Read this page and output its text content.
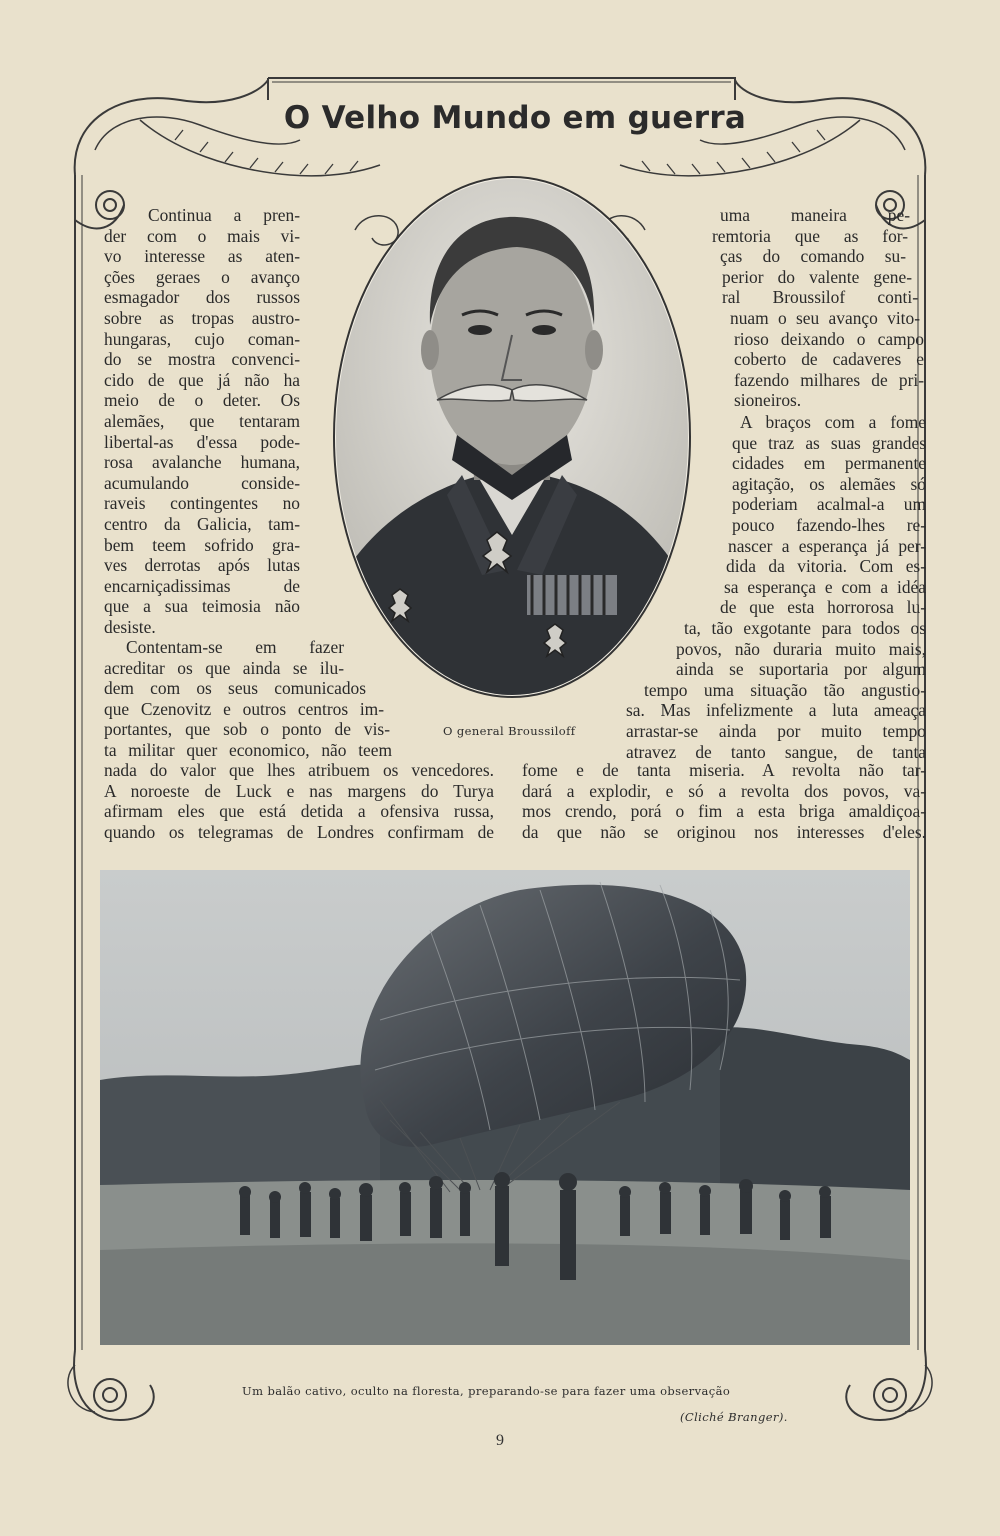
O Velho Mundo em guerra
Continua a pren-
der com o mais vi-
vo interesse as aten-
ções geraes o avanço
esmagador dos russos
sobre as tropas austro-
hungaras, cujo coman-
do se mostra convenci-
cido de que já não ha
meio de o deter. Os
alemães, que tentaram
libertal-as d'essa pode-
rosa avalanche humana,
acumulando conside-
raveis contingentes no
centro da Galicia, tam-
bem teem sofrido gra-
ves derrotas após lutas
encarniçadissimas de
que a sua teimosia não
desiste.
Contentam-se em fazer
acreditar os que ainda se ilu-
dem com os seus comunicados
que Czenovitz e outros centros im-
portantes, que sob o ponto de vis-
ta militar quer economico, não teem

O general Broussiloff

uma maneira pe-
remtoria que as for-
ças do comando su-
perior do valente gene-
ral Broussilof conti-
nuam o seu avanço vito-
rioso deixando o campo
coberto de cadaveres e
fazendo milhares de pri-
sioneiros.
A braços com a fome
que traz as suas grandes
cidades em permanente
agitação, os alemães só
poderiam acalmal-a um
pouco fazendo-lhes re-
nascer a esperança já per-
dida da vitoria. Com es-
sa esperança e com a idéa
de que esta horrorosa lu-
ta, tão exgotante para todos os
povos, não duraria muito mais,
ainda se suportaria por algum
tempo uma situação tão angustio-
sa. Mas infelizmente a luta ameaça
arrastar-se ainda por muito tempo
atravez de tanto sangue, de tanta
nada do valor que lhes atribuem os vencedores.
A noroeste de Luck e nas margens do Turya
afirmam eles que está detida a ofensiva russa,
quando os telegramas de Londres confirmam de
fome e de tanta miseria. A revolta não tar-
dará a explodir, e só a revolta dos povos, va-
mos crendo, porá o fim a esta briga amaldiçoa-
da que não se originou nos interesses d'eles.

Um balão cativo, oculto na floresta, preparando-se para fazer uma observação

(Cliché Branger).

9
